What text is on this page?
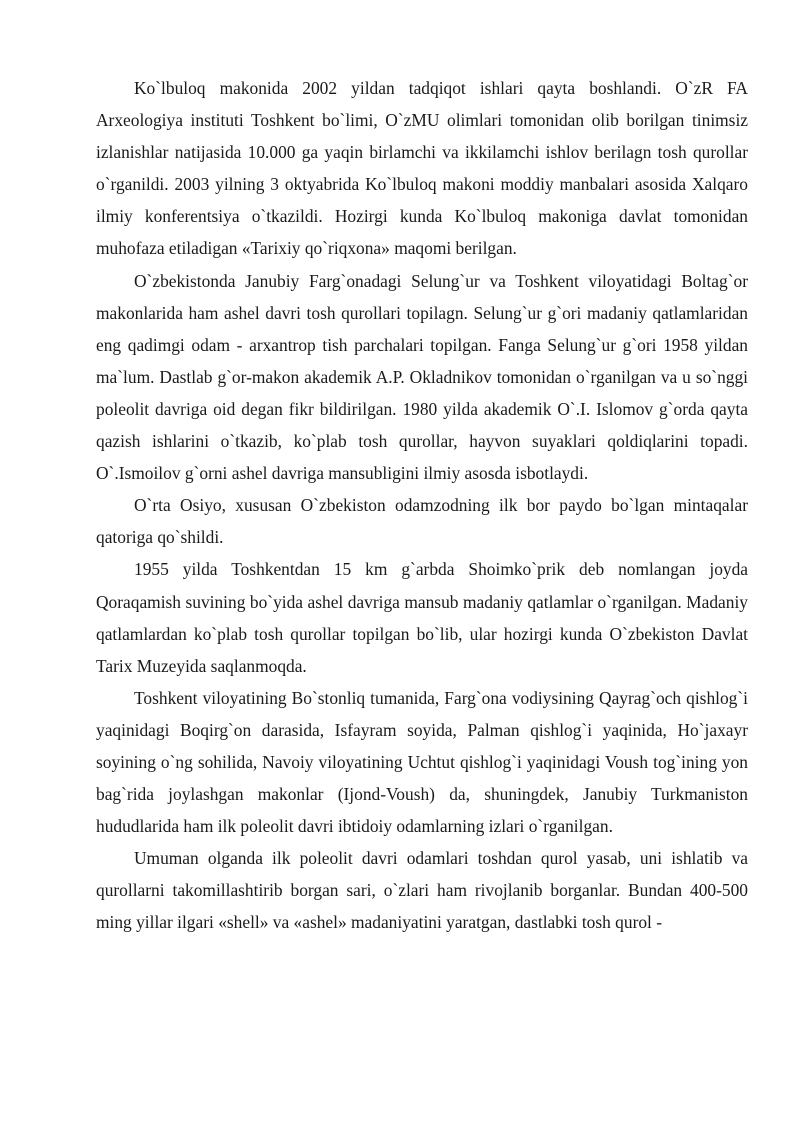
Ko`lbuloq makonida 2002 yildan tadqiqot ishlari qayta boshlandi. O`zR FA Arxeologiya instituti Toshkent bo`limi, O`zMU olimlari tomonidan olib borilgan tinimsiz izlanishlar natijasida 10.000 ga yaqin birlamchi va ikkilamchi ishlov berilagn tosh qurollar o`rganildi. 2003 yilning 3 oktyabrida Ko`lbuloq makoni moddiy manbalari asosida Xalqaro ilmiy konferentsiya o`tkazildi. Hozirgi kunda Ko`lbuloq makoniga davlat tomonidan muhofaza etiladigan «Tarixiy qo`riqxona» maqomi berilgan.

O`zbekistonda Janubiy Farg`onadagi Selung`ur va Toshkent viloyatidagi Boltag`or makonlarida ham ashel davri tosh qurollari topilagn. Selung`ur g`ori madaniy qatlamlaridan eng qadimgi odam - arxantrop tish parchalari topilgan. Fanga Selung`ur g`ori 1958 yildan ma`lum. Dastlab g`or-makon akademik A.P. Okladnikov tomonidan o`rganilgan va u so`nggi poleolit davriga oid degan fikr bildirilgan. 1980 yilda akademik O`.I. Islomov g`orda qayta qazish ishlarini o`tkazib, ko`plab tosh qurollar, hayvon suyaklari qoldiqlarini topadi. O`.Ismoilov g`orni ashel davriga mansubligini ilmiy asosda isbotlaydi.

O`rta Osiyo, xususan O`zbekiston odamzodning ilk bor paydo bo`lgan mintaqalar qatoriga qo`shildi.

1955 yilda Toshkentdan 15 km g`arbda Shoimko`prik deb nomlangan joyda Qoraqamish suvining bo`yida ashel davriga mansub madaniy qatlamlar o`rganilgan. Madaniy qatlamlardan ko`plab tosh qurollar topilgan bo`lib, ular hozirgi kunda O`zbekiston Davlat Tarix Muzeyida saqlanmoqda.

Toshkent viloyatining Bo`stonliq tumanida, Farg`ona vodiysining Qayrag`och qishlog`i yaqinidagi Boqirg`on darasida, Isfayram soyida, Palman qishlog`i yaqinida, Ho`jaxayr soyining o`ng sohilida, Navoiy viloyatining Uchtut qishlog`i yaqinidagi Voush tog`ining yon bag`rida joylashgan makonlar (Ijond-Voush) da, shuningdek, Janubiy Turkmaniston hududlarida ham ilk poleolit davri ibtidoiy odamlarning izlari o`rganilgan.

Umuman olganda ilk poleolit davri odamlari toshdan qurol yasab, uni ishlatib va qurollarni takomillashtirib borgan sari, o`zlari ham rivojlanib borganlar. Bundan 400-500 ming yillar ilgari «shell» va «ashel» madaniyatini yaratgan, dastlabki tosh qurol -
